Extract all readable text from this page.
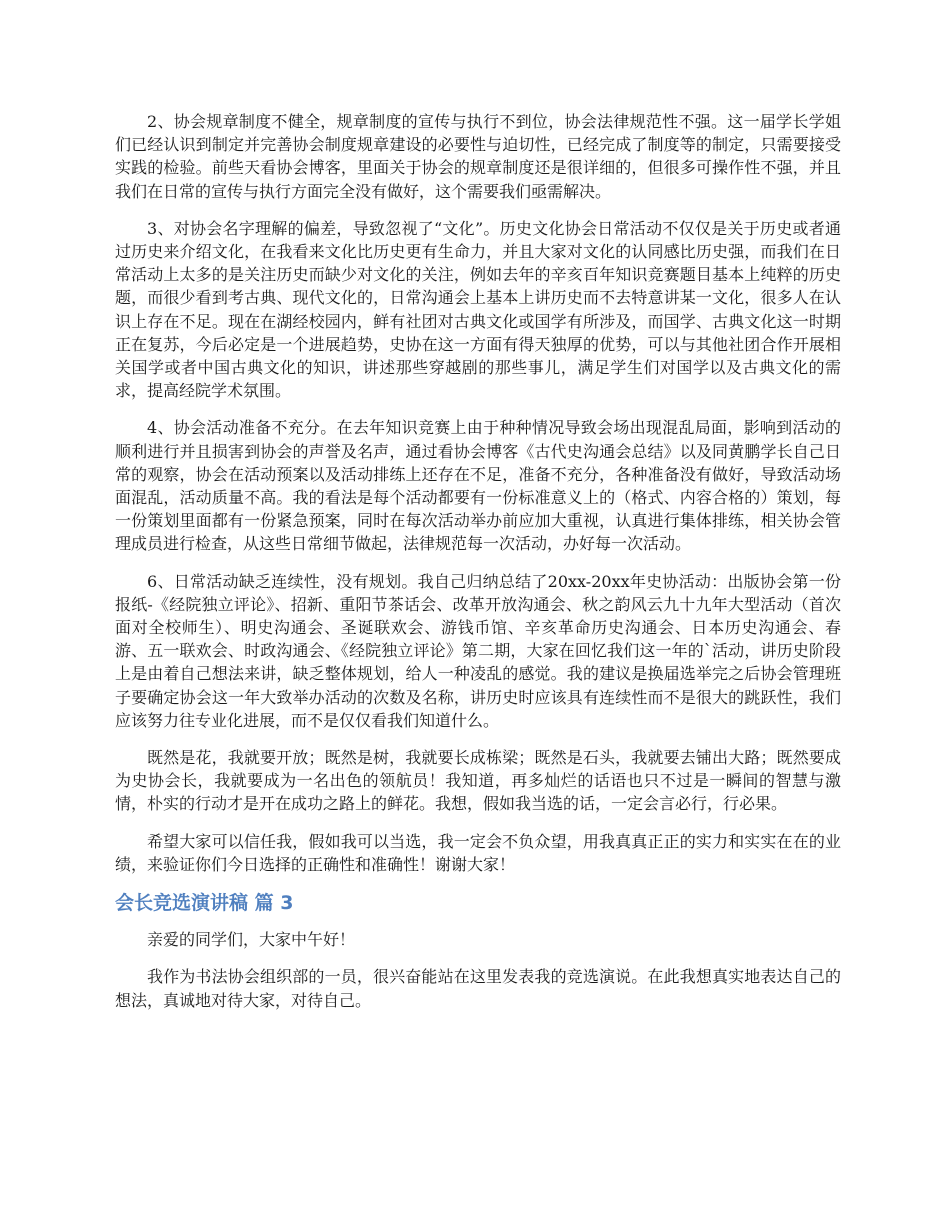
2、协会规章制度不健全，规章制度的宣传与执行不到位，协会法律规范性不强。这一届学长学姐们已经认识到制定并完善协会制度规章建设的必要性与迫切性，已经完成了制度等的制定，只需要接受实践的检验。前些天看协会博客，里面关于协会的规章制度还是很详细的，但很多可操作性不强，并且我们在日常的宣传与执行方面完全没有做好，这个需要我们亟需解决。

3、对协会名字理解的偏差，导致忽视了“文化”。历史文化协会日常活动不仅仅是关于历史或者通过历史来介绍文化，在我看来文化比历史更有生命力，并且大家对文化的认同感比历史强，而我们在日常活动上太多的是关注历史而缺少对文化的关注，例如去年的辛亥百年知识竞赛题目基本上纯粹的历史题，而很少看到考古典、现代文化的，日常沟通会上基本上讲历史而不去特意讲某一文化，很多人在认识上存在不足。现在在湖经校园内，鲜有社团对古典文化或国学有所涉及，而国学、古典文化这一时期正在复苏，今后必定是一个进展趋势，史协在这一方面有得天独厚的优势，可以与其他社团合作开展相关国学或者中国古典文化的知识，讲述那些穿越剧的那些事儿，满足学生们对国学以及古典文化的需求，提高经院学术氛围。

4、协会活动准备不充分。在去年知识竞赛上由于种种情况导致会场出现混乱局面，影响到活动的顺利进行并且损害到协会的声誉及名声，通过看协会博客《古代史沟通会总结》以及同黄鹏学长自己日常的观察，协会在活动预案以及活动排练上还存在不足，准备不充分，各种准备没有做好，导致活动场面混乱，活动质量不高。我的看法是每个活动都要有一份标准意义上的（格式、内容合格的）策划，每一份策划里面都有一份紧急预案，同时在每次活动举办前应加大重视，认真进行集体排练，相关协会管理成员进行检查，从这些日常细节做起，法律规范每一次活动，办好每一次活动。

6、日常活动缺乏连续性，没有规划。我自己归纳总结了20xx-20xx年史协活动：出版协会第一份报纸-《经院独立评论》、招新、重阳节茶话会、改革开放沟通会、秋之韵风云九十九年大型活动（首次面对全校师生）、明史沟通会、圣诞联欢会、游钱币馆、辛亥革命历史沟通会、日本历史沟通会、春游、五一联欢会、时政沟通会、《经院独立评论》第二期，大家在回忆我们这一年的`活动，讲历史阶段上是由着自己想法来讲，缺乏整体规划，给人一种凌乱的感觉。我的建议是换届选举完之后协会管理班子要确定协会这一年大致举办活动的次数及名称，讲历史时应该具有连续性而不是很大的跳跃性，我们应该努力往专业化进展，而不是仅仅看我们知道什么。

既然是花，我就要开放；既然是树，我就要长成栋梁；既然是石头，我就要去铺出大路；既然要成为史协会长，我就要成为一名出色的领航员！我知道，再多灿烂的话语也只不过是一瞬间的智慧与激情，朴实的行动才是开在成功之路上的鲜花。我想，假如我当选的话，一定会言必行，行必果。

希望大家可以信任我，假如我可以当选，我一定会不负众望，用我真真正正的实力和实实在在的业绩，来验证你们今日选择的正确性和准确性！谢谢大家！

会长竞选演讲稿 篇 3

亲爱的同学们，大家中午好！

我作为书法协会组织部的一员，很兴奋能站在这里发表我的竞选演说。在此我想真实地表达自己的想法，真诚地对待大家，对待自己。
